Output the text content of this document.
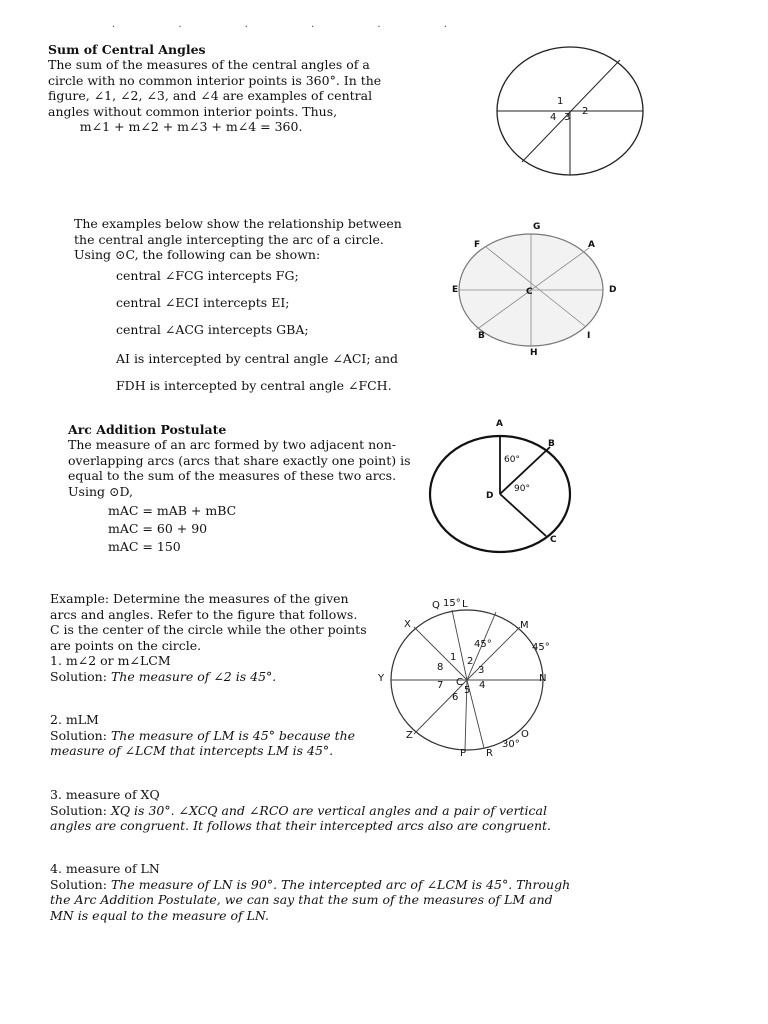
· · · · · ·
Sum of Central Angles
The sum of the measures of the central angles of a
circle with no common interior points is 360°. In the
figure, ∠1, ∠2, ∠3, and ∠4 are examples of central
angles without common interior points. Thus,
m∠1 + m∠2 + m∠3 + m∠4 = 360.
1
2
3
4
The examples below show the relationship between
the central angle intercepting the arc of a circle.
Using ⊙C, the following can be shown:
central ∠FCG intercepts FG;
central ∠ECI intercepts EI;
central ∠ACG intercepts GBA;
AI is intercepted by central angle ∠ACI; and
FDH is intercepted by central angle ∠FCH.
G
A
F
E	C	D
B	I
H
Arc Addition Postulate
The measure of an arc formed by two adjacent non-
overlapping arcs (arcs that share exactly one point) is
equal to the sum of the measures of these two arcs.
Using ⊙D,
mAC = mAB + mBC
mAC = 60 + 90
mAC = 150
A
B
C
D
60°
90°
Example: Determine the measures of the given
arcs and angles. Refer to the figure that follows.
C is the center of the circle while the other points
are points on the circle.
1. m∠2 or m∠LCM
Solution: The measure of ∠2 is 45°.
2. mLM
Solution: The measure of LM is 45° because the
measure of ∠LCM that intercepts LM is 45°.
3. measure of XQ
Solution: XQ is 30°. ∠XCQ and ∠RCO are vertical angles and a pair of vertical
angles are congruent. It follows that their intercepted arcs also are congruent.
4. measure of LN
Solution: The measure of LN is 90°. The intercepted arc of ∠LCM is 45°. Through
the Arc Addition Postulate, we can say that the sum of the measures of LM and
MN is equal to the measure of LN.
Q 15° L
X	M
45°	45°
Y	N
C
1 2
3
4
5
6
7
8
Z
P R
30°
O
